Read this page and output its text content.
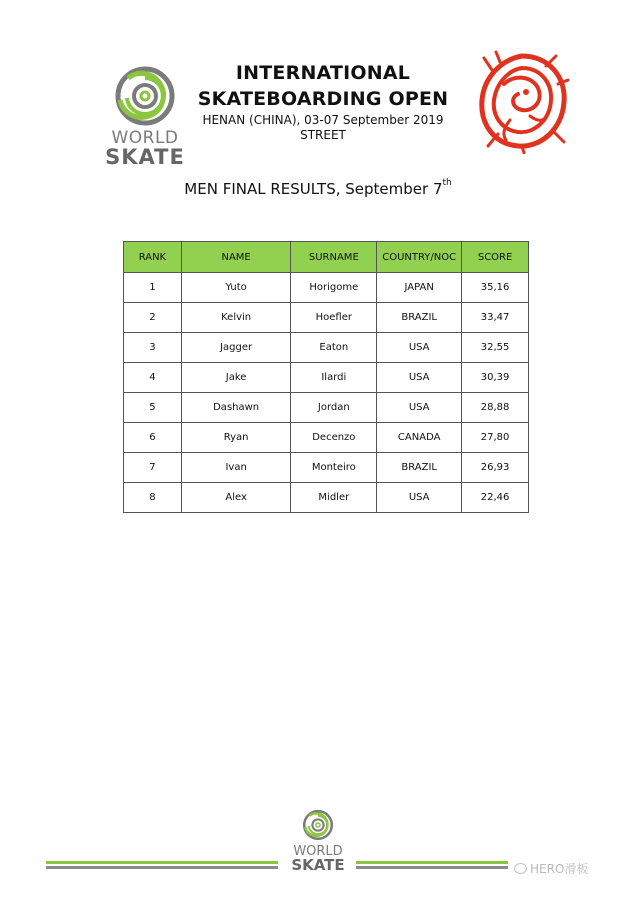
WORLD
SKATE
INTERNATIONAL
SKATEBOARDING OPEN
HENAN (CHINA), 03-07 September 2019
STREET
MEN FINAL RESULTS, September 7th
RANK	NAME	SURNAME	COUNTRY/NOC	SCORE
1	Yuto	Horigome	JAPAN	35,16
2	Kelvin	Hoefler	BRAZIL	33,47
3	Jagger	Eaton	USA	32,55
4	Jake	Ilardi	USA	30,39
5	Dashawn	Jordan	USA	28,88
6	Ryan	Decenzo	CANADA	27,80
7	Ivan	Monteiro	BRAZIL	26,93
8	Alex	Midler	USA	22,46
WORLD
SKATE	HERO滑板
